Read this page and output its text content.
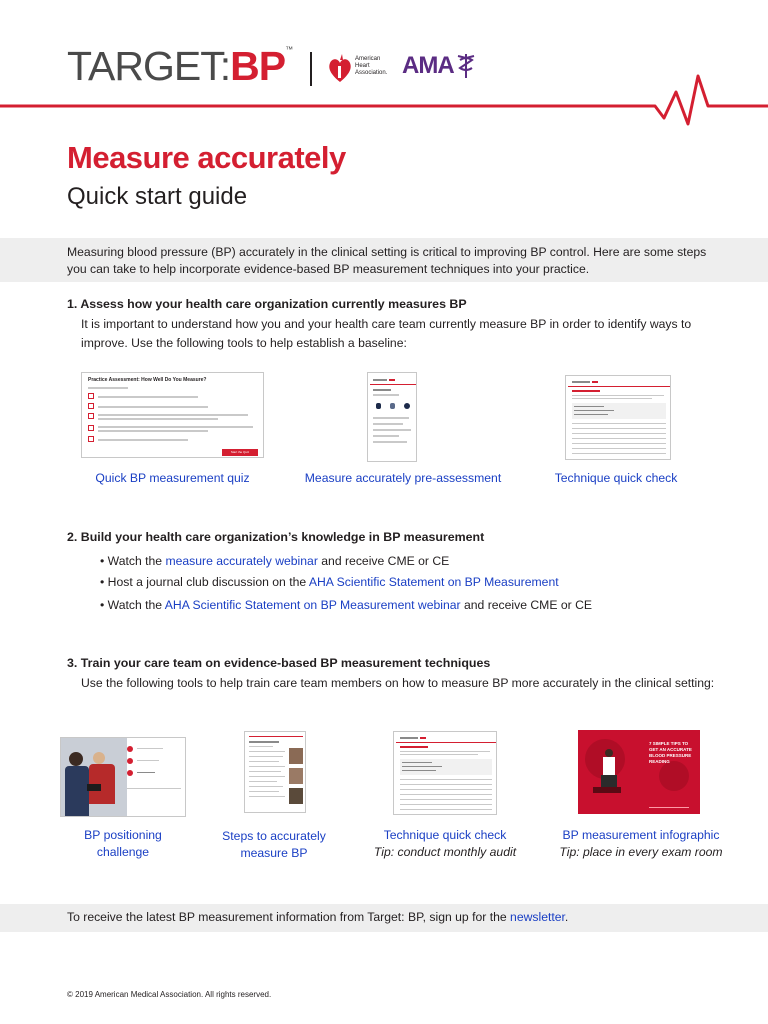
TARGET:BP™
American Heart Association. AMA
Measure accurately
Quick start guide
Measuring blood pressure (BP) accurately in the clinical setting is critical to improving BP control. Here are some steps you can take to help incorporate evidence-based BP measurement techniques into your practice.
1. Assess how your health care organization currently measures BP
It is important to understand how you and your health care team currently measure BP in order to identify ways to improve. Use the following tools to help establish a baseline:
Practice Assessment: How Well Do You Measure?
Start the Quiz
Quick BP measurement quiz	Measure accurately pre-assessment	Technique quick check
2. Build your health care organization’s knowledge in BP measurement
• Watch the measure accurately webinar and receive CME or CE
• Host a journal club discussion on the AHA Scientific Statement on BP Measurement
• Watch the AHA Scientific Statement on BP Measurement webinar and receive CME or CE
3. Train your care team on evidence-based BP measurement techniques
Use the following tools to help train care team members on how to measure BP more accurately in the clinical setting:
7 SIMPLE TIPS TO GET AN ACCURATE BLOOD PRESSURE READING
BP positioning
challenge
Steps to accurately
measure BP
Technique quick check
Tip: conduct monthly audit
BP measurement infographic
Tip: place in every exam room
To receive the latest BP measurement information from Target: BP, sign up for the newsletter.
© 2019 American Medical Association. All rights reserved.
